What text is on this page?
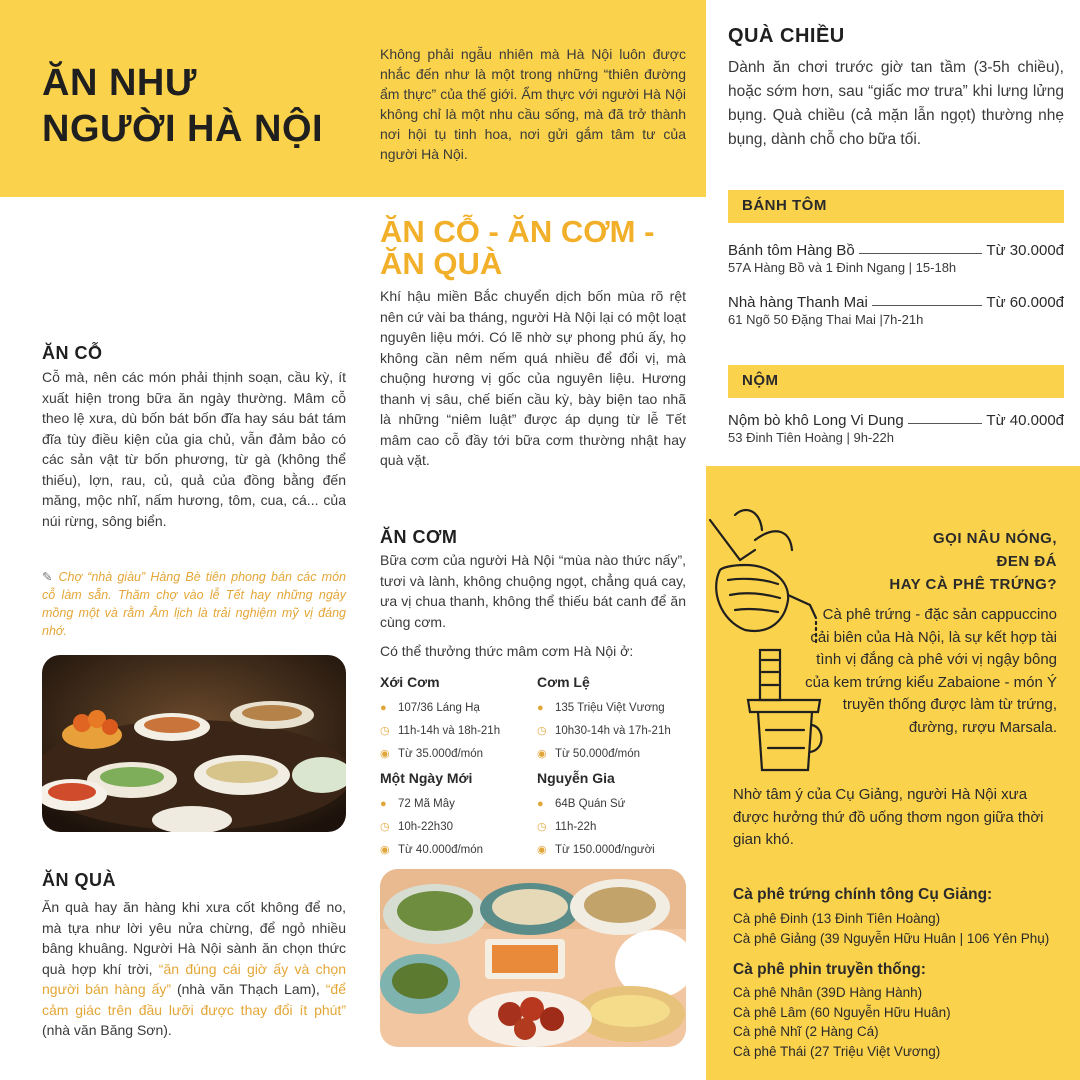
ĂN NHƯ
NGƯỜI HÀ NỘI
Không phải ngẫu nhiên mà Hà Nội luôn được nhắc đến như là một trong những “thiên đường ẩm thực” của thế giới. Ẩm thực với người Hà Nội không chỉ là một nhu cầu sống, mà đã trở thành nơi hội tụ tinh hoa, nơi gửi gắm tâm tư của người Hà Nội.
ĂN CỖ - ĂN CƠM - ĂN QUÀ
Khí hậu miền Bắc chuyển dịch bốn mùa rõ rệt nên cứ vài ba tháng, người Hà Nội lại có một loạt nguyên liệu mới. Có lẽ nhờ sự phong phú ấy, họ không cần nêm nếm quá nhiều để đổi vị, mà chuộng hương vị gốc của nguyên liệu. Hương thanh vị sâu, chế biến cầu kỳ, bày biện tao nhã là những “niêm luật” được áp dụng từ lễ Tết mâm cao cỗ đầy tới bữa cơm thường nhật hay quà vặt.
ĂN CỖ
Cỗ mà, nên các món phải thịnh soạn, cầu kỳ, ít xuất hiện trong bữa ăn ngày thường. Mâm cỗ theo lệ xưa, dù bốn bát bốn đĩa hay sáu bát tám đĩa tùy điều kiện của gia chủ, vẫn đảm bảo có các sản vật từ bốn phương, từ gà (không thể thiếu), lợn, rau, củ, quả của đồng bằng đến măng, mộc nhĩ, nấm hương, tôm, cua, cá... của núi rừng, sông biển.
✎ Chợ “nhà giàu” Hàng Bè tiên phong bán các món cỗ làm sẵn. Thăm chợ vào lễ Tết hay những ngày mồng một và rằm Âm lịch là trải nghiệm mỹ vị đáng nhớ.
ĂN QUÀ
Ăn quà hay ăn hàng khi xưa cốt không để no, mà tựa như lời yêu nửa chừng, để ngỏ nhiều bâng khuâng. Người Hà Nội sành ăn chọn thức quà hợp khí trời, “ăn đúng cái giờ ấy và chọn người bán hàng ấy” (nhà văn Thạch Lam), “để cảm giác trên đầu lưỡi được thay đổi ít phút” (nhà văn Băng Sơn).
ĂN CƠM
Bữa cơm của người Hà Nội “mùa nào thức nấy”, tươi và lành, không chuộng ngọt, chẳng quá cay, ưa vị chua thanh, không thể thiếu bát canh để ăn cùng cơm.
Có thể thưởng thức mâm cơm Hà Nội ở:
Xới Cơm
● 107/36 Láng Hạ
◷ 11h-14h và 18h-21h
◉ Từ 35.000đ/món
Cơm Lệ
● 135 Triệu Việt Vương
◷ 10h30-14h và 17h-21h
◉ Từ 50.000đ/món
Một Ngày Mới
● 72 Mã Mây
◷ 10h-22h30
◉ Từ 40.000đ/món
Nguyễn Gia
● 64B Quán Sứ
◷ 11h-22h
◉ Từ 150.000đ/người
QUÀ CHIỀU
Dành ăn chơi trước giờ tan tầm (3-5h chiều), hoặc sớm hơn, sau “giấc mơ trưa” khi lưng lửng bụng. Quà chiều (cả mặn lẫn ngọt) thường nhẹ bụng, dành chỗ cho bữa tối.
BÁNH TÔM
Bánh tôm Hàng Bồ	Từ 30.000đ
57A Hàng Bồ và 1 Đinh Ngang | 15-18h
Nhà hàng Thanh Mai	Từ 60.000đ
61 Ngõ 50 Đặng Thai Mai |7h-21h
NỘM
Nộm bò khô Long Vi Dung	Từ 40.000đ
53 Đinh Tiên Hoàng | 9h-22h
GỌI NÂU NÓNG,
ĐEN ĐÁ
HAY CÀ PHÊ TRỨNG?
Cà phê trứng - đặc sản cappuccino cải biên của Hà Nội, là sự kết hợp tài tình vị đắng cà phê với vị ngậy bông của kem trứng kiểu Zabaione - món Ý truyền thống được làm từ trứng, đường, rượu Marsala.
Nhờ tâm ý của Cụ Giảng, người Hà Nội xưa được hưởng thứ đồ uống thơm ngon giữa thời gian khó.
Cà phê trứng chính tông Cụ Giảng:
Cà phê Đinh (13 Đinh Tiên Hoàng)
Cà phê Giảng (39 Nguyễn Hữu Huân | 106 Yên Phụ)
Cà phê phin truyền thống:
Cà phê Nhân (39D Hàng Hành)
Cà phê Lâm (60 Nguyễn Hữu Huân)
Cà phê Nhĩ (2 Hàng Cá)
Cà phê Thái (27 Triệu Việt Vương)
